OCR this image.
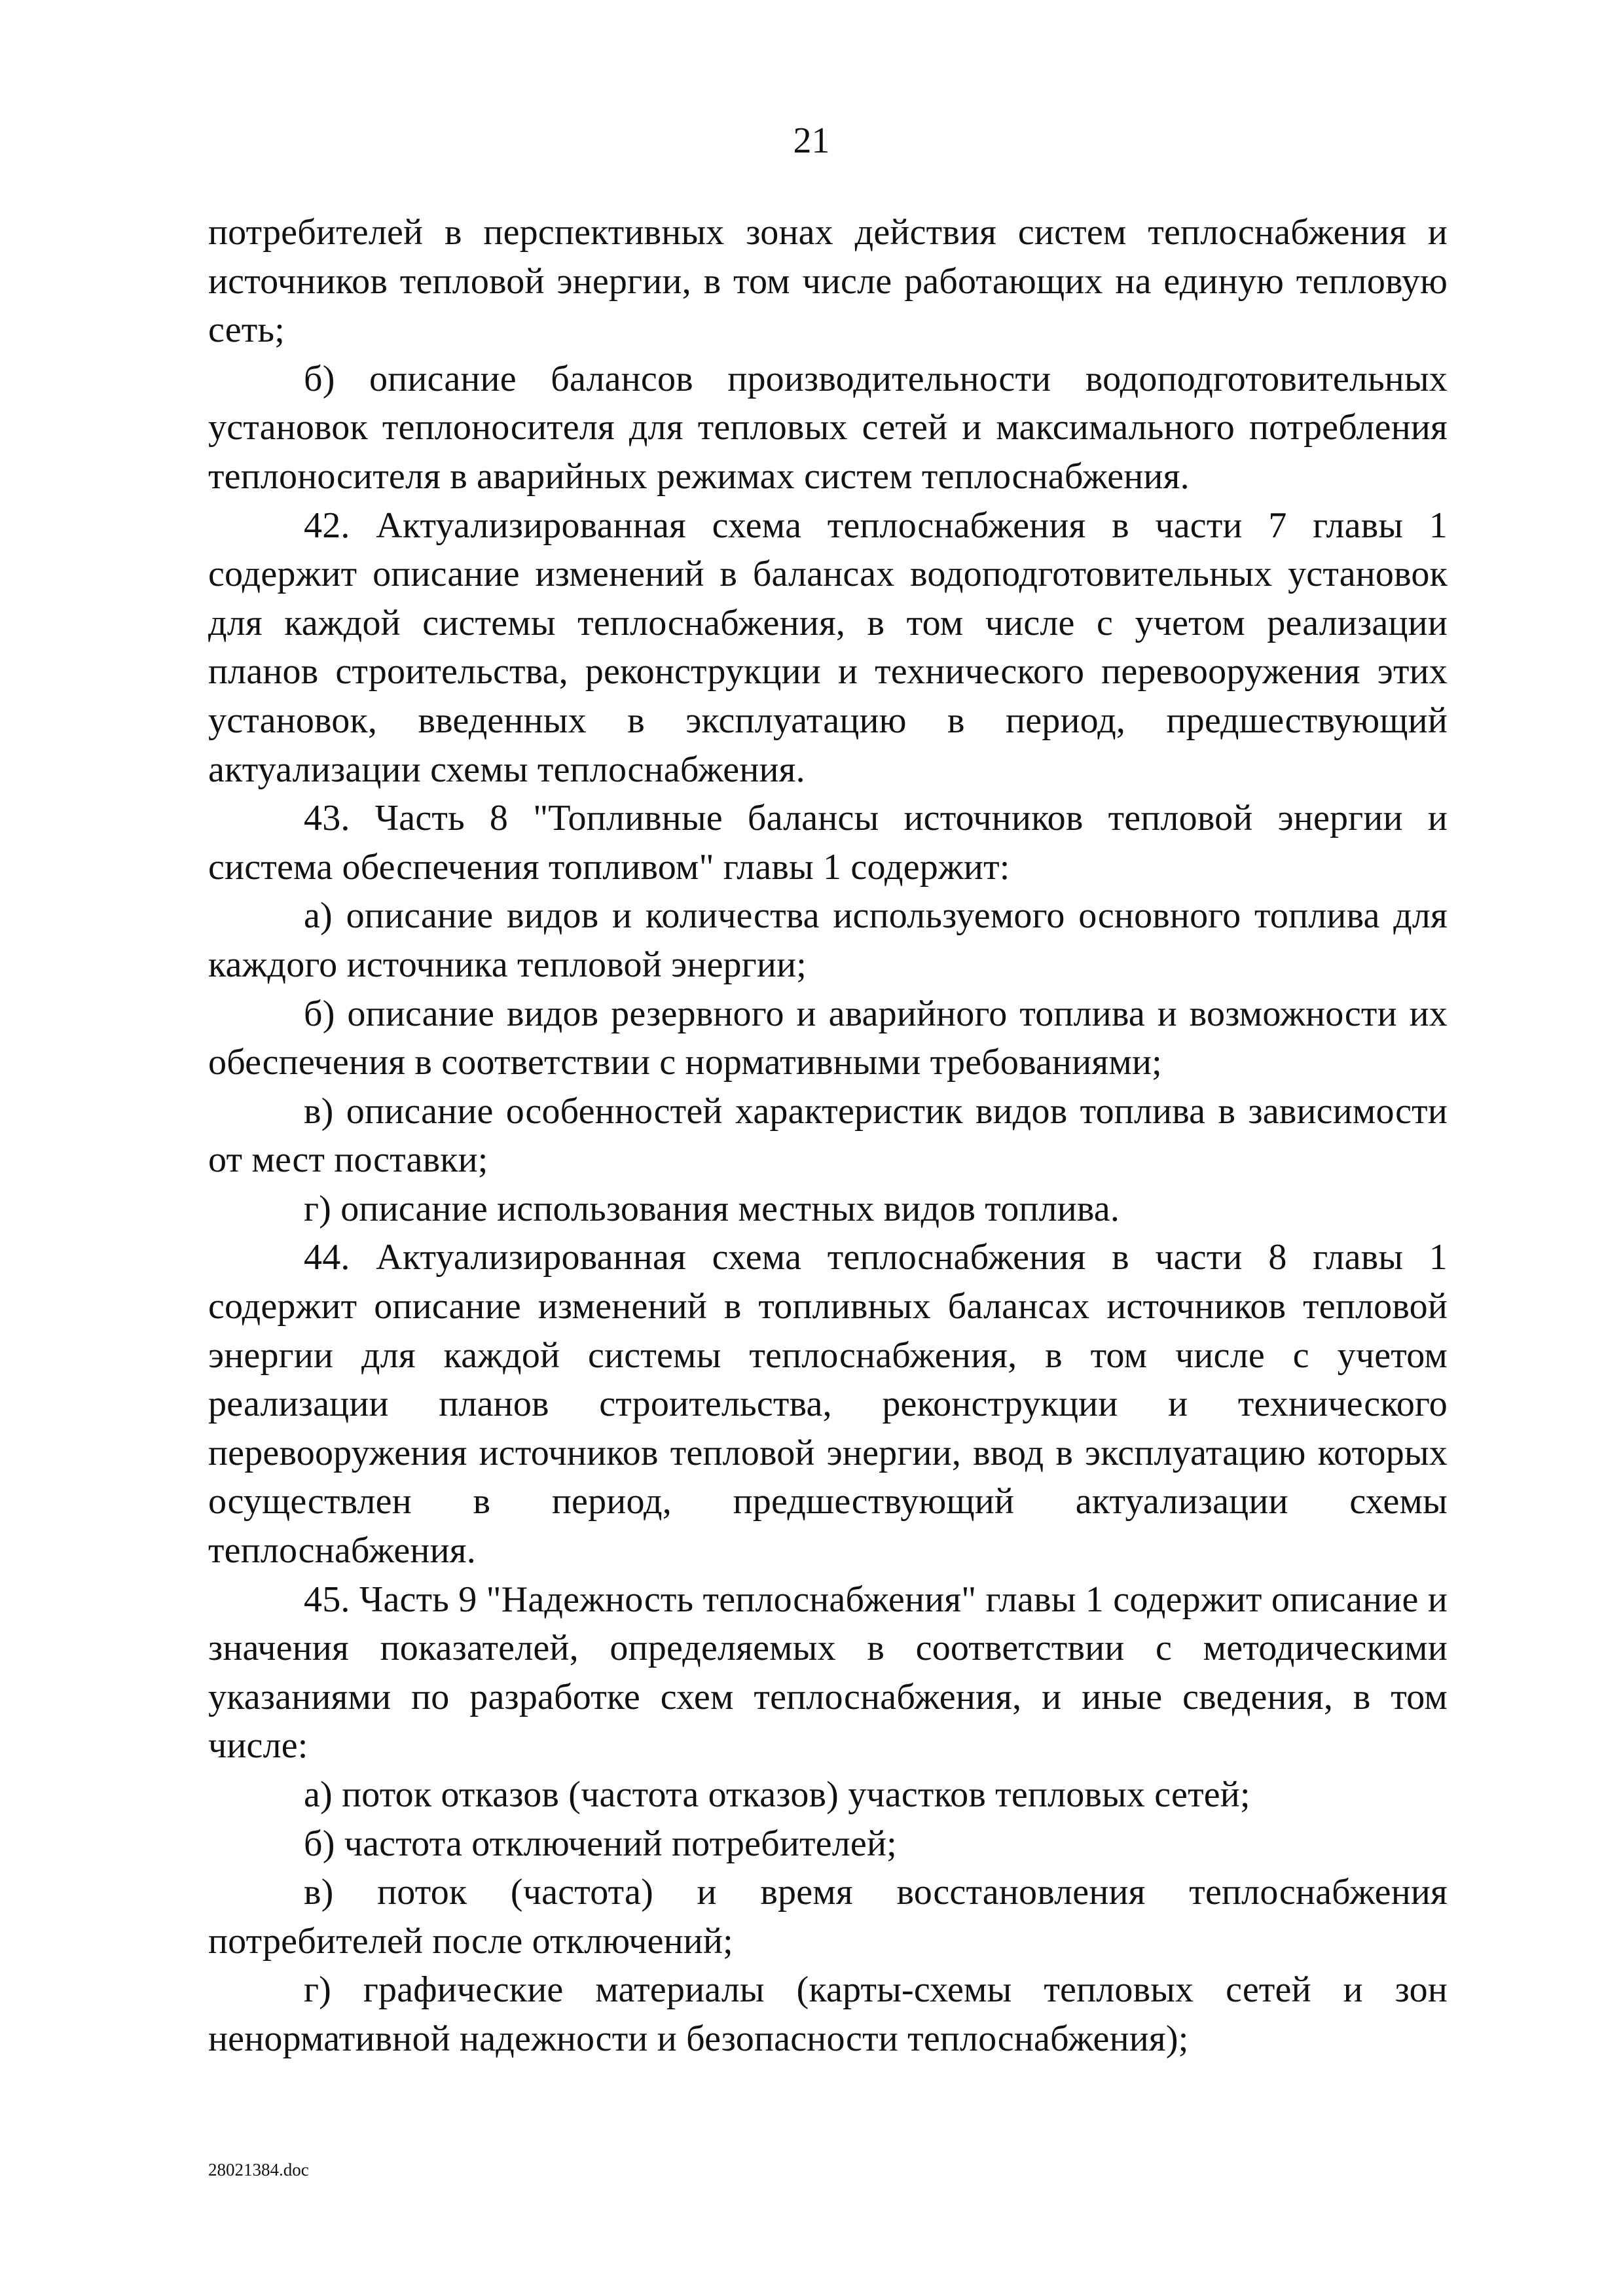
21

потребителей в перспективных зонах действия систем теплоснабжения и источников тепловой энергии, в том числе работающих на единую тепловую сеть;

б) описание балансов производительности водоподготовительных установок теплоносителя для тепловых сетей и максимального потребления теплоносителя в аварийных режимах систем теплоснабжения.

42. Актуализированная схема теплоснабжения в части 7 главы 1 содержит описание изменений в балансах водоподготовительных установок для каждой системы теплоснабжения, в том числе с учетом реализации планов строительства, реконструкции и технического перевооружения этих установок, введенных в эксплуатацию в период, предшествующий актуализации схемы теплоснабжения.

43. Часть 8 "Топливные балансы источников тепловой энергии и система обеспечения топливом" главы 1 содержит:

а) описание видов и количества используемого основного топлива для каждого источника тепловой энергии;

б) описание видов резервного и аварийного топлива и возможности их обеспечения в соответствии с нормативными требованиями;

в) описание особенностей характеристик видов топлива в зависимости от мест поставки;

г) описание использования местных видов топлива.

44. Актуализированная схема теплоснабжения в части 8 главы 1 содержит описание изменений в топливных балансах источников тепловой энергии для каждой системы теплоснабжения, в том числе с учетом реализации планов строительства, реконструкции и технического перевооружения источников тепловой энергии, ввод в эксплуатацию которых осуществлен в период, предшествующий актуализации схемы теплоснабжения.

45. Часть 9 "Надежность теплоснабжения" главы 1 содержит описание и значения показателей, определяемых в соответствии с методическими указаниями по разработке схем теплоснабжения, и иные сведения, в том числе:

а) поток отказов (частота отказов) участков тепловых сетей;

б) частота отключений потребителей;

в) поток (частота) и время восстановления теплоснабжения потребителей после отключений;

г) графические материалы (карты-схемы тепловых сетей и зон ненормативной надежности и безопасности теплоснабжения);

28021384.doc
